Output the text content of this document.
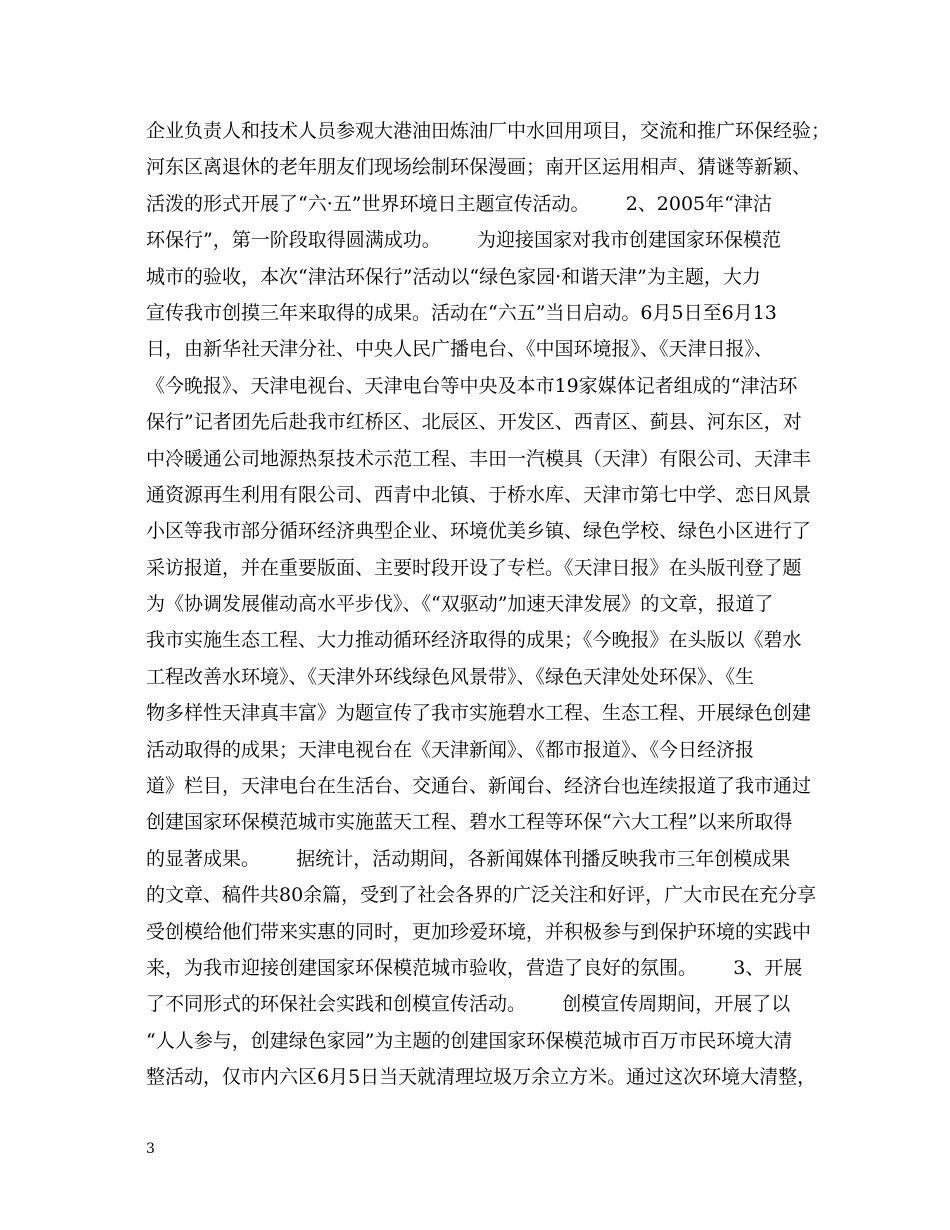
企业负责人和技术人员参观大港油田炼油厂中水回用项目，交流和推广环保经验；
河东区离退休的老年朋友们现场绘制环保漫画；南开区运用相声、猜谜等新颖、
活泼的形式开展了“六·五”世界环境日主题宣传活动。      2、2005年“津沽
环保行”，第一阶段取得圆满成功。      为迎接国家对我市创建国家环保模范
城市的验收，本次“津沽环保行”活动以“绿色家园·和谐天津”为主题，大力
宣传我市创摸三年来取得的成果。活动在“六五”当日启动。6月5日至6月13
日，由新华社天津分社、中央人民广播电台、《中国环境报》、《天津日报》、
《今晚报》、天津电视台、天津电台等中央及本市19家媒体记者组成的“津沽环
保行”记者团先后赴我市红桥区、北辰区、开发区、西青区、蓟县、河东区，对
中冷暖通公司地源热泵技术示范工程、丰田一汽模具（天津）有限公司、天津丰
通资源再生利用有限公司、西青中北镇、于桥水库、天津市第七中学、恋日风景
小区等我市部分循环经济典型企业、环境优美乡镇、绿色学校、绿色小区进行了
采访报道，并在重要版面、主要时段开设了专栏。《天津日报》在头版刊登了题
为《协调发展催动高水平步伐》、《“双驱动”加速天津发展》的文章，报道了
我市实施生态工程、大力推动循环经济取得的成果；《今晚报》在头版以《碧水
工程改善水环境》、《天津外环线绿色风景带》、《绿色天津处处环保》、《生
物多样性天津真丰富》为题宣传了我市实施碧水工程、生态工程、开展绿色创建
活动取得的成果；天津电视台在《天津新闻》、《都市报道》、《今日经济报
道》栏目，天津电台在生活台、交通台、新闻台、经济台也连续报道了我市通过
创建国家环保模范城市实施蓝天工程、碧水工程等环保“六大工程”以来所取得
的显著成果。      据统计，活动期间，各新闻媒体刊播反映我市三年创模成果
的文章、稿件共80余篇，受到了社会各界的广泛关注和好评，广大市民在充分享
受创模给他们带来实惠的同时，更加珍爱环境，并积极参与到保护环境的实践中
来，为我市迎接创建国家环保模范城市验收，营造了良好的氛围。      3、开展
了不同形式的环保社会实践和创模宣传活动。      创模宣传周期间，开展了以
“人人参与，创建绿色家园”为主题的创建国家环保模范城市百万市民环境大清
整活动，仅市内六区6月5日当天就清理垃圾万余立方米。通过这次环境大清整，
3
